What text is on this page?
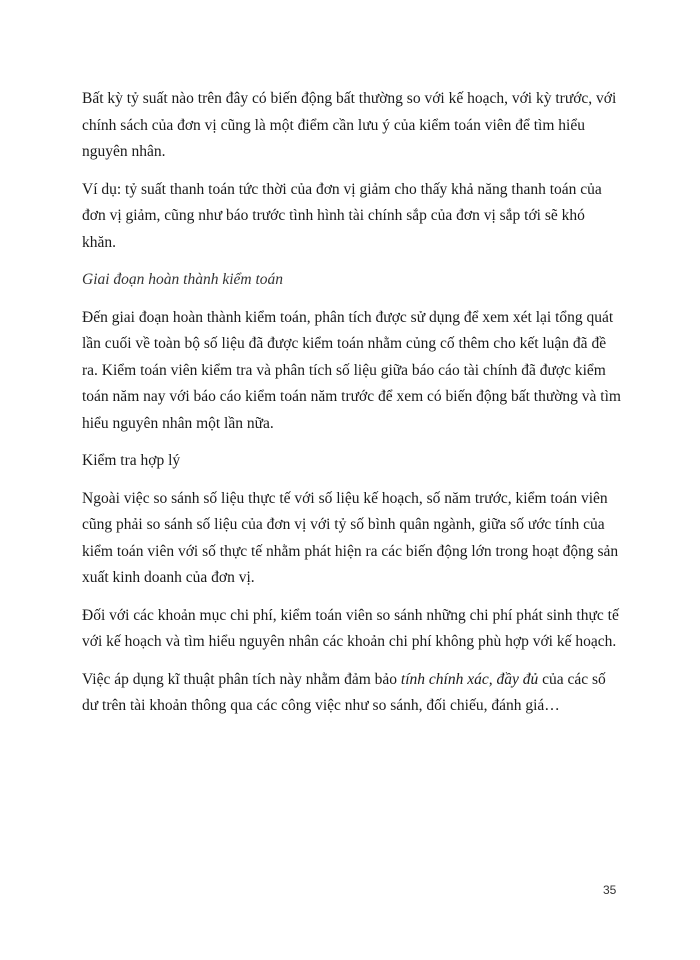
Bất kỳ tỷ suất nào trên đây có biến động bất thường so với kế hoạch, với kỳ trước, với chính sách của đơn vị cũng là một điểm cần lưu ý của kiểm toán viên để tìm hiểu nguyên nhân.

Ví dụ: tỷ suất thanh toán tức thời của đơn vị giảm cho thấy khả năng thanh toán của đơn vị giảm, cũng như báo trước tình hình tài chính sắp của đơn vị sắp tới sẽ khó khăn.

Giai đoạn hoàn thành kiểm toán

Đến giai đoạn hoàn thành kiểm toán, phân tích được sử dụng để xem xét lại tổng quát lần cuối về toàn bộ số liệu đã được kiểm toán nhằm củng cố thêm cho kết luận đã đề ra. Kiểm toán viên kiểm tra và phân tích số liệu giữa báo cáo tài chính đã được kiểm toán năm nay với báo cáo kiểm toán năm trước để xem có biến động bất thường và tìm hiểu nguyên nhân một lần nữa.

Kiểm tra hợp lý

Ngoài việc so sánh số liệu thực tế với số liệu kế hoạch, số năm trước, kiểm toán viên cũng phải so sánh số liệu của đơn vị với tỷ số bình quân ngành, giữa số ước tính của kiểm toán viên với số thực tế nhằm phát hiện ra các biến động lớn trong hoạt động sản xuất kinh doanh của đơn vị.

Đối với các khoản mục chi phí, kiểm toán viên so sánh những chi phí phát sinh thực tế với kế hoạch và tìm hiểu nguyên nhân các khoản chi phí không phù hợp với kế hoạch.

Việc áp dụng kĩ thuật phân tích này nhằm đảm bảo tính chính xác, đầy đủ của các số dư trên tài khoản thông qua các công việc như so sánh, đối chiếu, đánh giá…

35
